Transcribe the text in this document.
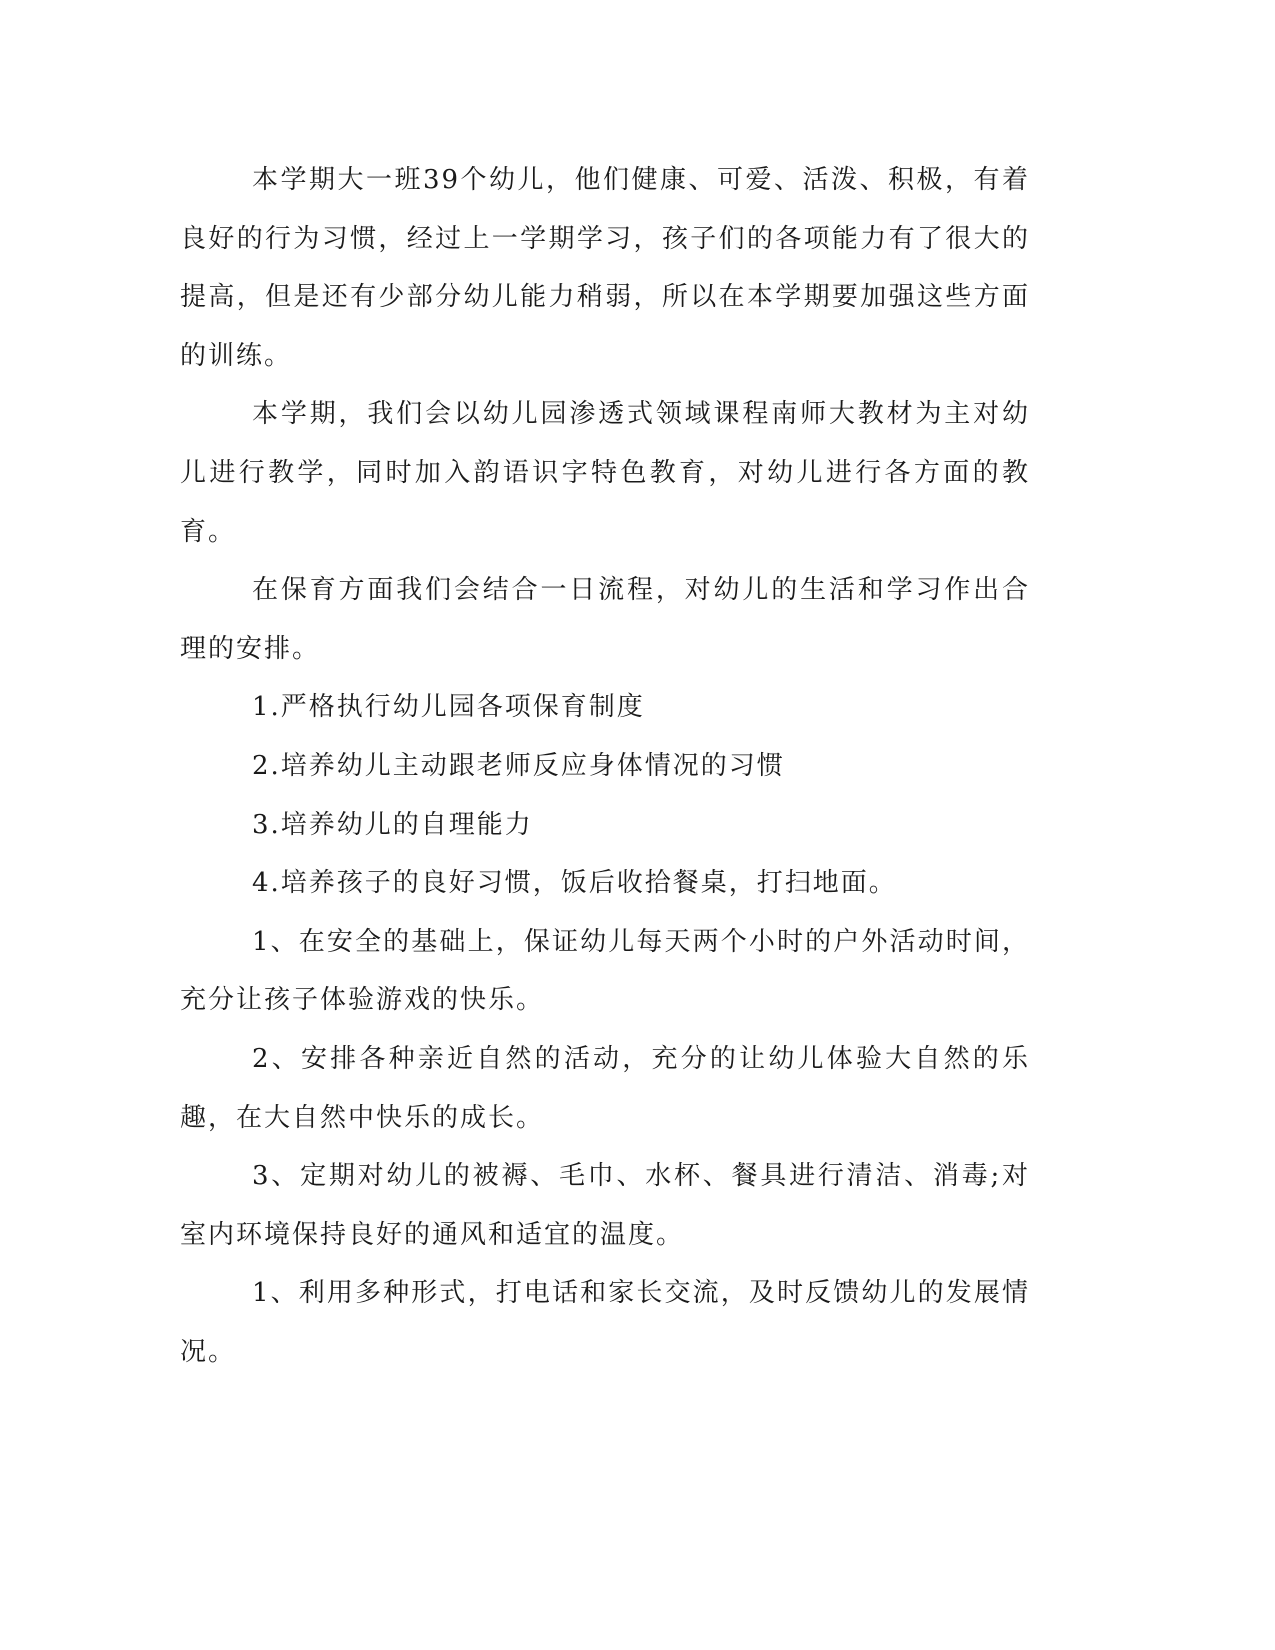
本学期大一班39个幼儿，他们健康、可爱、活泼、积极，有着良好的行为习惯，经过上一学期学习，孩子们的各项能力有了很大的提高，但是还有少部分幼儿能力稍弱，所以在本学期要加强这些方面的训练。

本学期，我们会以幼儿园渗透式领域课程南师大教材为主对幼儿进行教学，同时加入韵语识字特色教育，对幼儿进行各方面的教育。

在保育方面我们会结合一日流程，对幼儿的生活和学习作出合理的安排。

1.严格执行幼儿园各项保育制度

2.培养幼儿主动跟老师反应身体情况的习惯

3.培养幼儿的自理能力

4.培养孩子的良好习惯，饭后收拾餐桌，打扫地面。

1、在安全的基础上，保证幼儿每天两个小时的户外活动时间，充分让孩子体验游戏的快乐。

2、安排各种亲近自然的活动，充分的让幼儿体验大自然的乐趣，在大自然中快乐的成长。

3、定期对幼儿的被褥、毛巾、水杯、餐具进行清洁、消毒;对室内环境保持良好的通风和适宜的温度。

1、利用多种形式，打电话和家长交流，及时反馈幼儿的发展情况。
